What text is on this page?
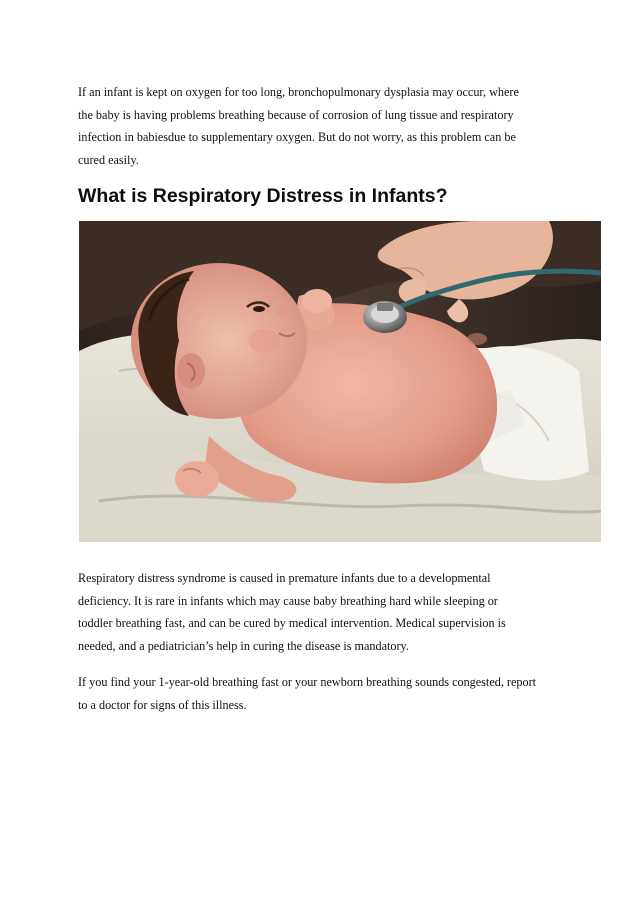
If an infant is kept on oxygen for too long, bronchopulmonary dysplasia may occur, where
the baby is having problems breathing because of corrosion of lung tissue and respiratory
infection in babiesdue to supplementary oxygen. But do not worry, as this problem can be
cured easily.

What is Respiratory Distress in Infants?

Respiratory distress syndrome is caused in premature infants due to a developmental
deficiency. It is rare in infants which may cause baby breathing hard while sleeping or
toddler breathing fast, and can be cured by medical intervention. Medical supervision is
needed, and a pediatrician’s help in curing the disease is mandatory.

If you find your 1-year-old breathing fast or your newborn breathing sounds congested, report
to a doctor for signs of this illness.
